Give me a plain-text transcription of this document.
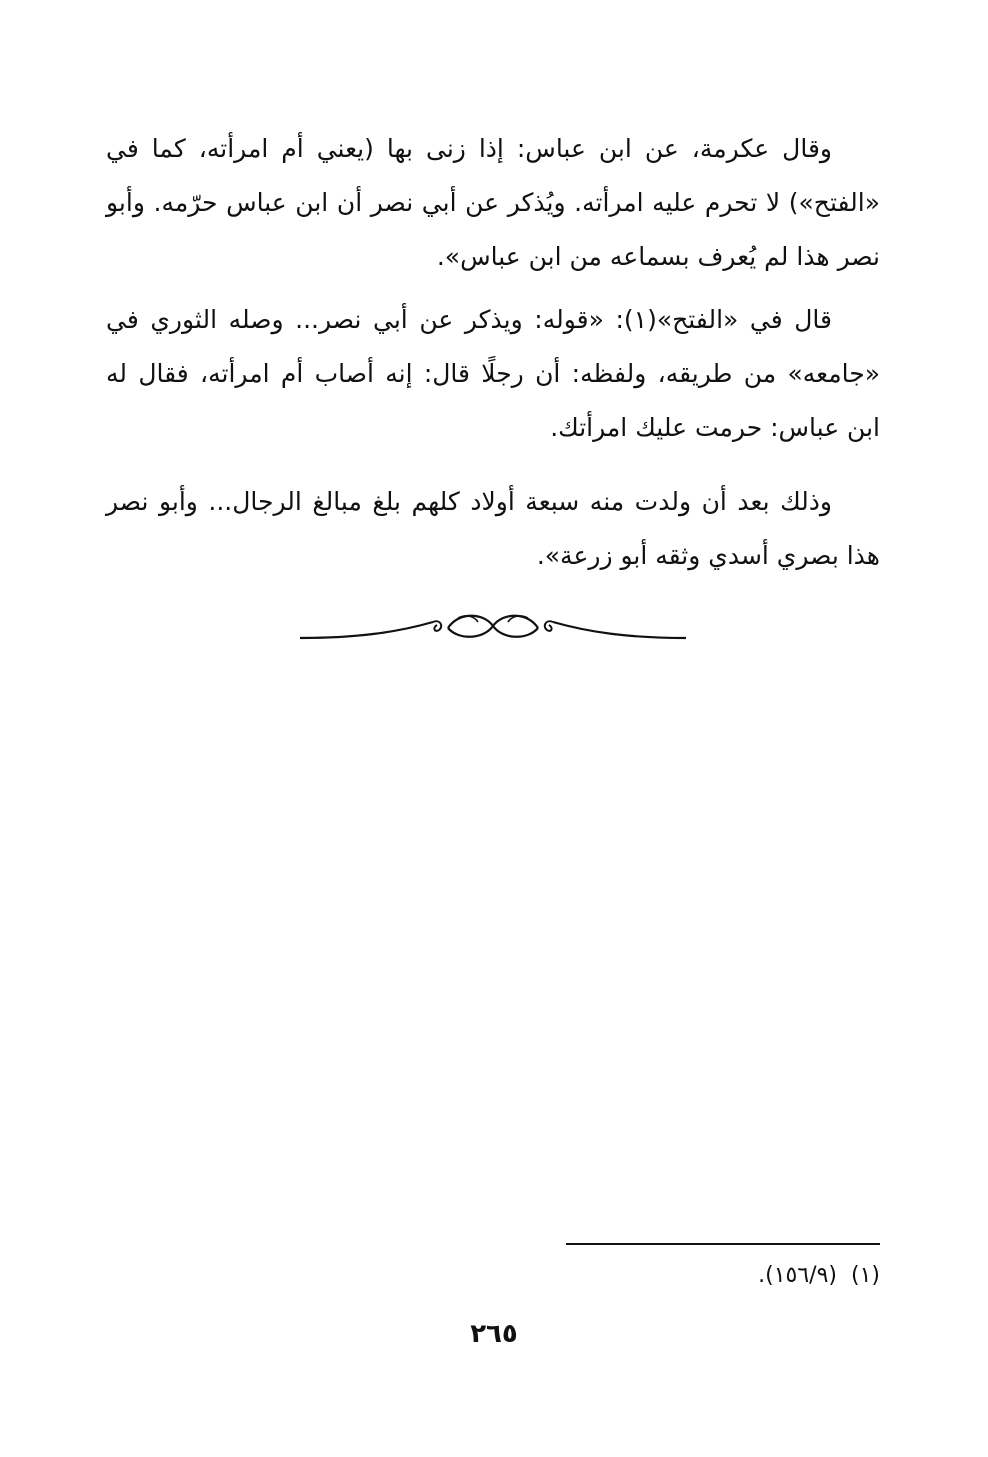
وقال عكرمة، عن ابن عباس: إذا زنى بها (يعني أم امرأته، كما في «الفتح») لا تحرم عليه امرأته. ويُذكر عن أبي نصر أن ابن عباس حرّمه. وأبو نصر هذا لم يُعرف بسماعه من ابن عباس».

قال في «الفتح»(١): «قوله: ويذكر عن أبي نصر... وصله الثوري في «جامعه» من طريقه، ولفظه: أن رجلًا قال: إنه أصاب أم امرأته، فقال له ابن عباس: حرمت عليك امرأتك.

وذلك بعد أن ولدت منه سبعة أولاد كلهم بلغ مبالغ الرجال... وأبو نصر هذا بصري أسدي وثقه أبو زرعة».

(١)(١٥٦/٩).

٢٦٥
